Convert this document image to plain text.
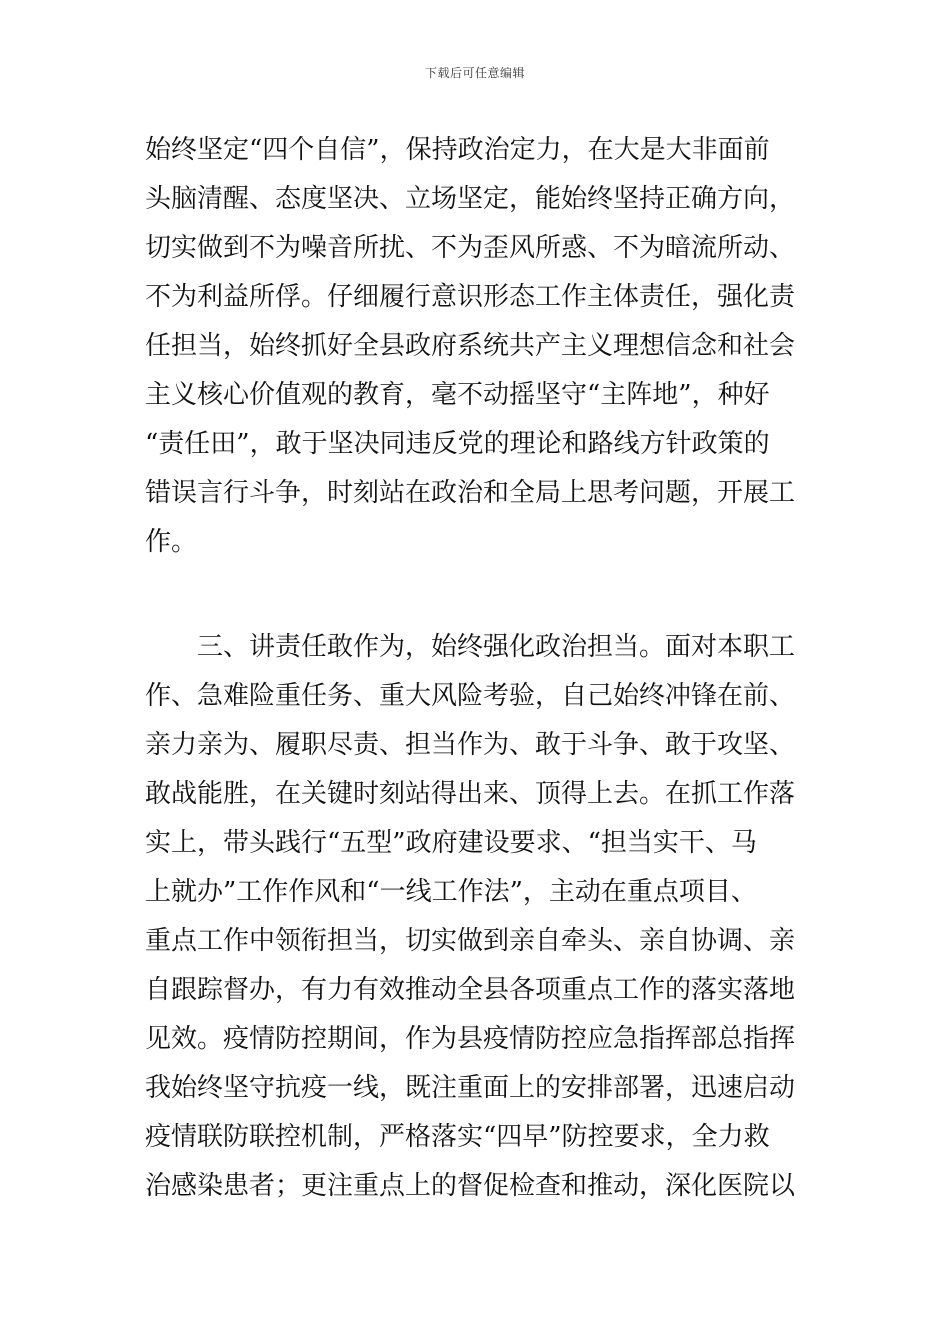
下载后可任意编辑
始终坚定“四个自信”，保持政治定力，在大是大非面前
头脑清醒、态度坚决、立场坚定，能始终坚持正确方向，
切实做到不为噪音所扰、不为歪风所惑、不为暗流所动、
不为利益所俘。仔细履行意识形态工作主体责任，强化责
任担当，始终抓好全县政府系统共产主义理想信念和社会
主义核心价值观的教育，毫不动摇坚守“主阵地”，种好
“责任田”，敢于坚决同违反党的理论和路线方针政策的
错误言行斗争，时刻站在政治和全局上思考问题，开展工
作。
三、讲责任敢作为，始终强化政治担当。面对本职工
作、急难险重任务、重大风险考验，自己始终冲锋在前、
亲力亲为、履职尽责、担当作为、敢于斗争、敢于攻坚、
敢战能胜，在关键时刻站得出来、顶得上去。在抓工作落
实上，带头践行“五型”政府建设要求、“担当实干、马
上就办”工作作风和“一线工作法”，主动在重点项目、
重点工作中领衔担当，切实做到亲自牵头、亲自协调、亲
自跟踪督办，有力有效推动全县各项重点工作的落实落地
见效。疫情防控期间，作为县疫情防控应急指挥部总指挥
我始终坚守抗疫一线，既注重面上的安排部署，迅速启动
疫情联防联控机制，严格落实“四早”防控要求，全力救
治感染患者；更注重点上的督促检查和推动，深化医院以
